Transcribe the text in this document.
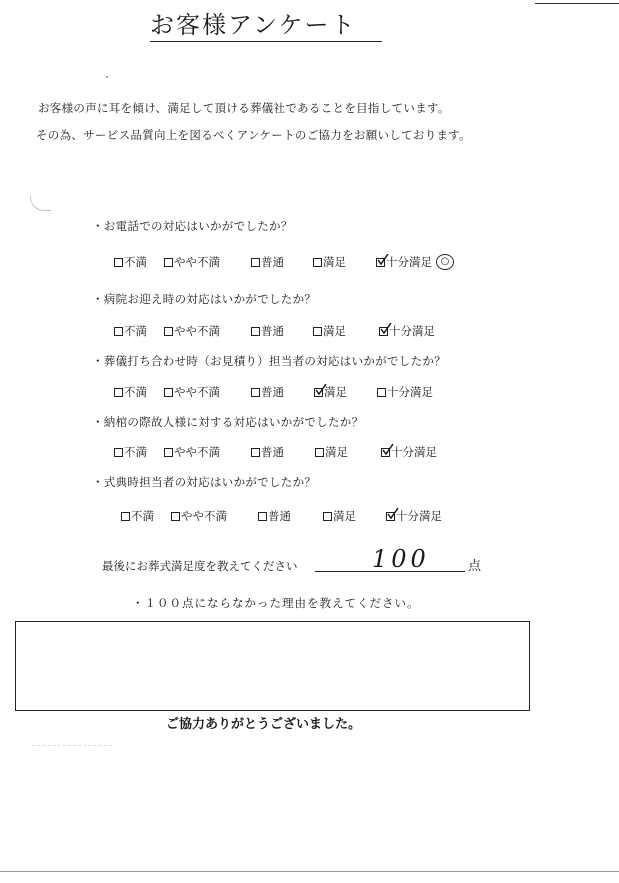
お客様アンケート
お客様の声に耳を傾け、満足して頂ける葬儀社であることを目指しています。
その為、サービス品質向上を図るべくアンケートのご協力をお願いしております。
・お電話での対応はいかがでしたか？
不満 やや不満	普通	満足	十分満足 ○
・病院お迎え時の対応はいかがでしたか？
不満 やや不満	普通	満足	十分満足
・葬儀打ち合わせ時（お見積り）担当者の対応はいかがでしたか？
不満 やや不満	普通	満足	十分満足
・納棺の際故人様に対する対応はいかがでしたか？
不満 やや不満	普通	満足	十分満足
・式典時担当者の対応はいかがでしたか？
不満 やや不満	普通	満足	十分満足
最後にお葬式満足度を教えてください	100	点
・１００点にならなかった理由を教えてください。
ご協力ありがとうございました。
